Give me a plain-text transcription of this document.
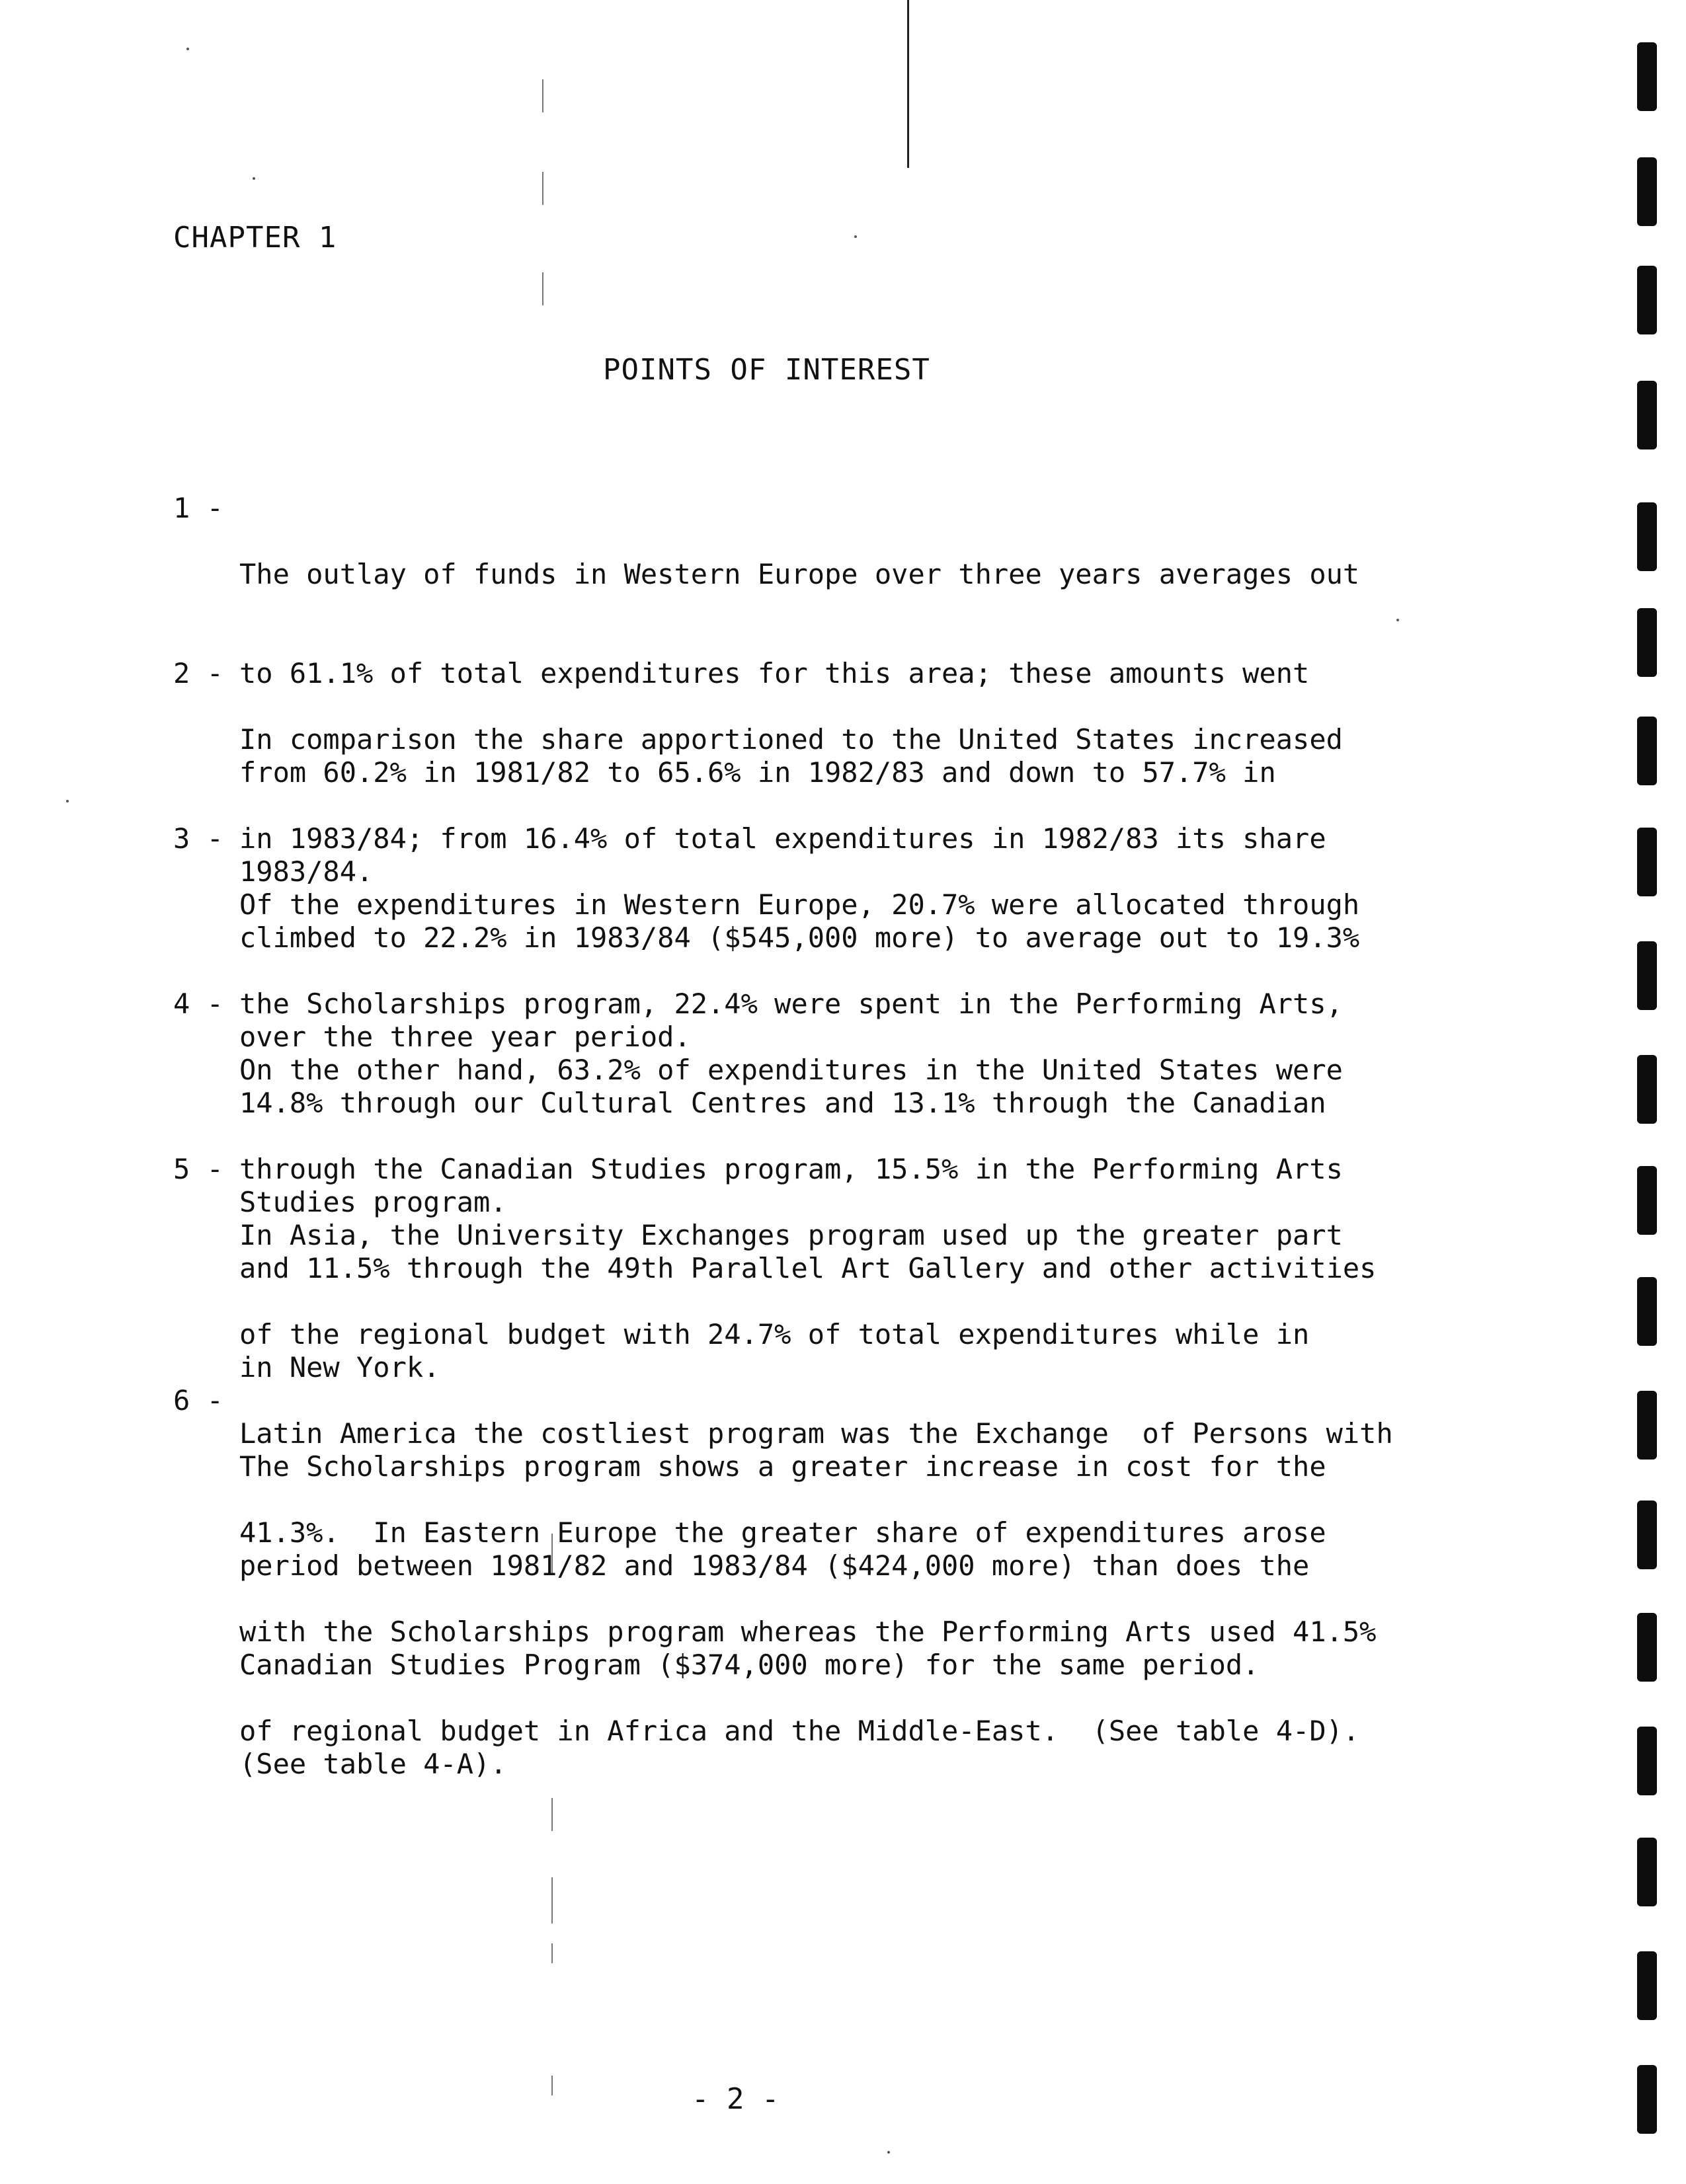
CHAPTER 1
POINTS OF INTEREST

1 -

The outlay of funds in Western Europe over three years averages out

to 61.1% of total expenditures for this area; these amounts went

from 60.2% in 1981/82 to 65.6% in 1982/83 and down to 57.7% in

1983/84.

2 -

In comparison the share apportioned to the United States increased

in 1983/84; from 16.4% of total expenditures in 1982/83 its share

climbed to 22.2% in 1983/84 ($545,000 more) to average out to 19.3%

over the three year period.

3 -

Of the expenditures in Western Europe, 20.7% were allocated through

the Scholarships program, 22.4% were spent in the Performing Arts,

14.8% through our Cultural Centres and 13.1% through the Canadian

Studies program.

4 -

On the other hand, 63.2% of expenditures in the United States were

through the Canadian Studies program, 15.5% in the Performing Arts

and 11.5% through the 49th Parallel Art Gallery and other activities

in New York.

5 -

In Asia, the University Exchanges program used up the greater part

of the regional budget with 24.7% of total expenditures while in

Latin America the costliest program was the Exchange  of Persons with

41.3%.  In Eastern Europe the greater share of expenditures arose

with the Scholarships program whereas the Performing Arts used 41.5%

of regional budget in Africa and the Middle-East.  (See table 4-D).

6 -

The Scholarships program shows a greater increase in cost for the

period between 1981/82 and 1983/84 ($424,000 more) than does the

Canadian Studies Program ($374,000 more) for the same period.

(See table 4-A).

- 2 -
